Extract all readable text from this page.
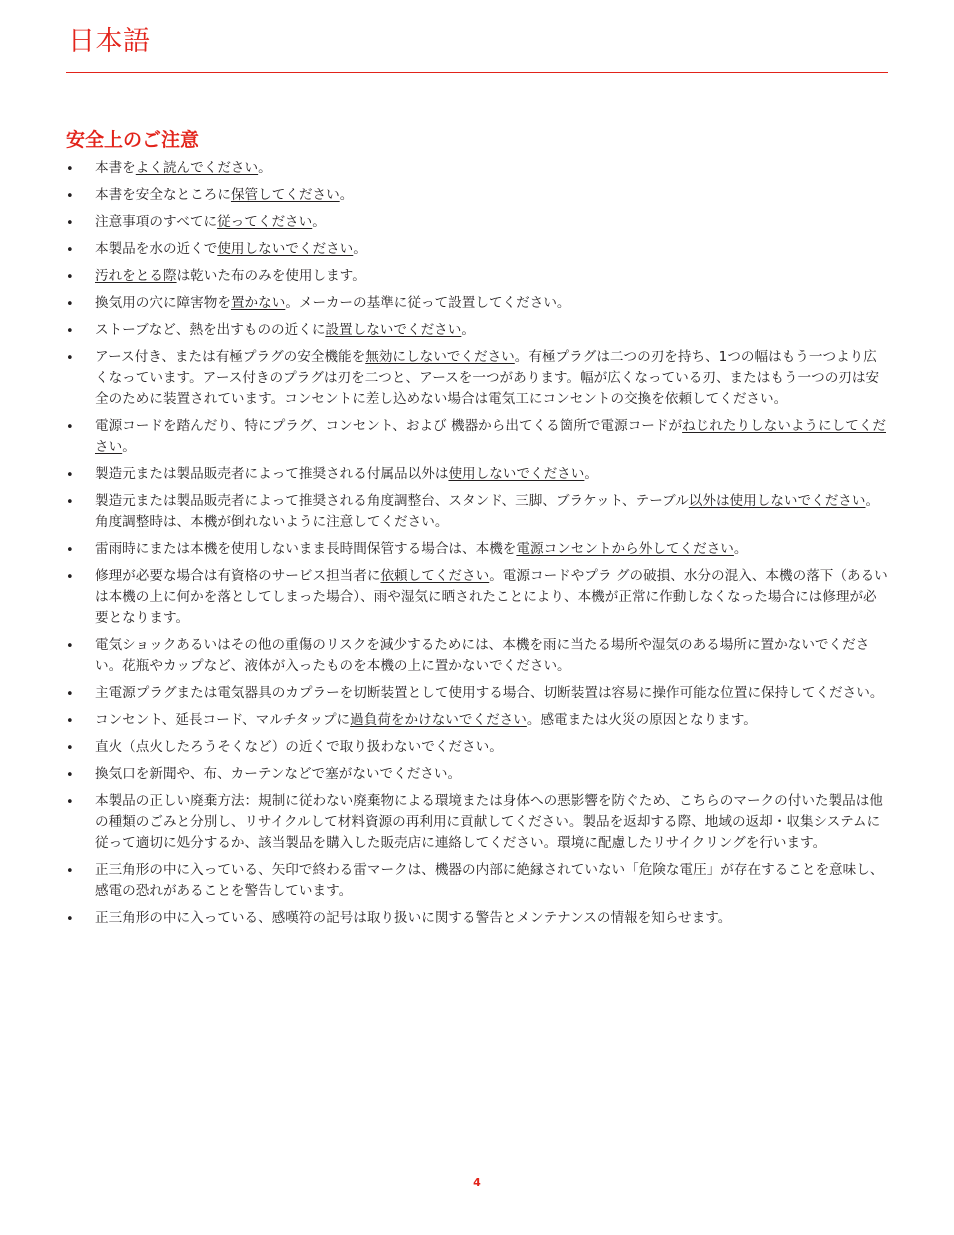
日本語
安全上のご注意
• 本書をよく読んでください。
• 本書を安全なところに保管してください。
• 注意事項のすべてに従ってください。
• 本製品を水の近くで使用しないでください。
• 汚れをとる際は乾いた布のみを使用します。
• 換気用の穴に障害物を置かない。メーカーの基準に従って設置してください。
• ストーブなど、熱を出すものの近くに設置しないでください。
• アース付き、または有極プラグの安全機能を無効にしないでください。有極プラグは二つの刃を持ち、1つの幅はもう一つより広くなっています。アース付きのプラグは刃を二つと、アースを一つがあります。幅が広くなっている刃、またはもう一つの刃は安全のために装置されています。コンセントに差し込めない場合は電気工にコンセントの交換を依頼してください。
• 電源コードを踏んだり、特にプラグ、コンセント、および 機器から出てくる箇所で電源コードがねじれたりしないようにしてください。
• 製造元または製品販売者によって推奨される付属品以外は使用しないでください。
• 製造元または製品販売者によって推奨される角度調整台、スタンド、三脚、ブラケット、テーブル以外は使用しないでください。角度調整時は、本機が倒れないように注意してください。
• 雷雨時にまたは本機を使用しないまま長時間保管する場合は、本機を電源コンセントから外してください。
• 修理が必要な場合は有資格のサービス担当者に依頼してください。電源コードやプラ グの破損、水分の混入、本機の落下（あるいは本機の上に何かを落としてしまった場合）、雨や湿気に晒されたことにより、本機が正常に作動しなくなった場合には修理が必要となります。
• 電気ショックあるいはその他の重傷のリスクを減少するためには、本機を雨に当たる場所や湿気のある場所に置かないでください。花瓶やカップなど、液体が入ったものを本機の上に置かないでください。
• 主電源プラグまたは電気器具のカプラーを切断装置として使用する場合、切断装置は容易に操作可能な位置に保持してください。
• コンセント、延長コード、マルチタップに過負荷をかけないでください。感電または火災の原因となります。
• 直火（点火したろうそくなど）の近くで取り扱わないでください。
• 換気口を新聞や、布、カーテンなどで塞がないでください。
• 本製品の正しい廃棄方法：規制に従わない廃棄物による環境または身体への悪影響を防ぐため、こちらのマークの付いた製品は他の種類のごみと分別し、リサイクルして材料資源の再利用に貢献してください。製品を返却する際、地域の返却・収集システムに従って適切に処分するか、該当製品を購入した販売店に連絡してください。環境に配慮したリサイクリングを行います。
• 正三角形の中に入っている、矢印で終わる雷マークは、機器の内部に絶縁されていない「危険な電圧」が存在することを意味し、感電の恐れがあることを警告しています。
• 正三角形の中に入っている、感嘆符の記号は取り扱いに関する警告とメンテナンスの情報を知らせます。
4
